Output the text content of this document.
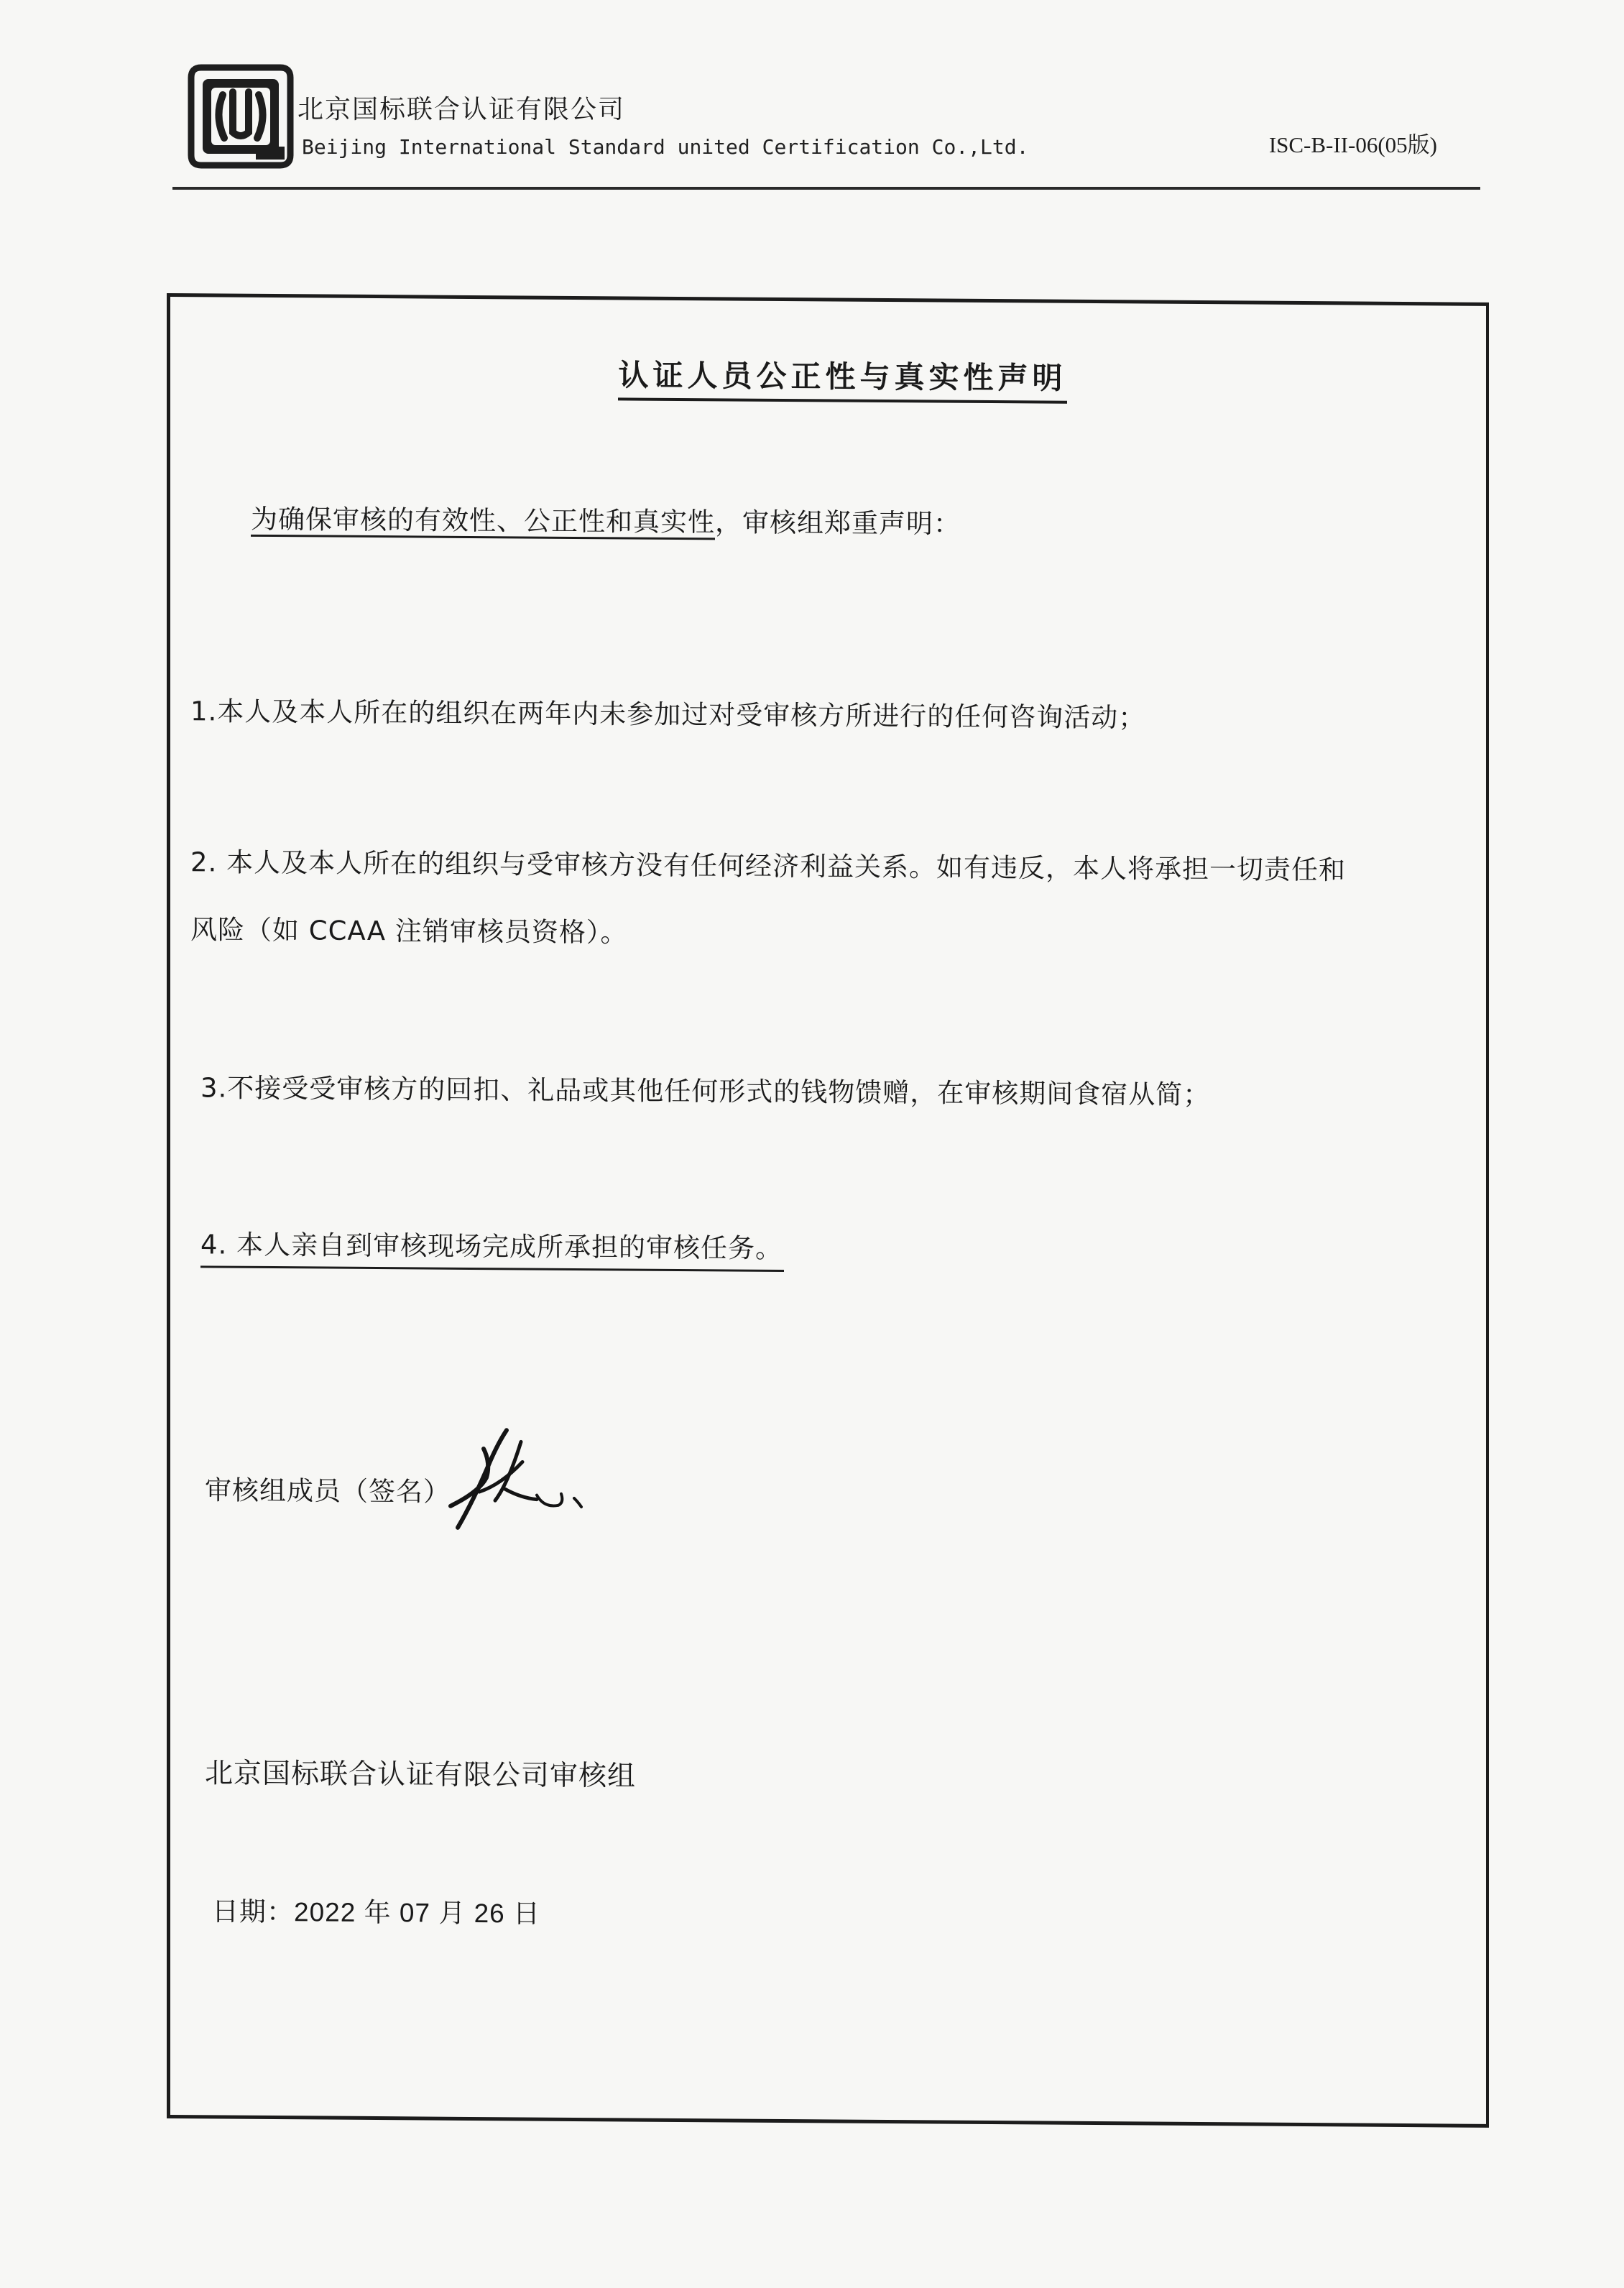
北京国标联合认证有限公司
Beijing International Standard united Certification Co.,Ltd.	ISC-B-II-06(05版)
认证人员公正性与真实性声明
为确保审核的有效性、公正性和真实性，审核组郑重声明：
1.本人及本人所在的组织在两年内未参加过对受审核方所进行的任何咨询活动；
2. 本人及本人所在的组织与受审核方没有任何经济利益关系。如有违反，本人将承担一切责任和
风险（如 CCAA 注销审核员资格）。
3.不接受受审核方的回扣、礼品或其他任何形式的钱物馈赠，在审核期间食宿从简；
4. 本人亲自到审核现场完成所承担的审核任务。
审核组成员（签名）
北京国标联合认证有限公司审核组
日期：2022 年 07 月 26 日
